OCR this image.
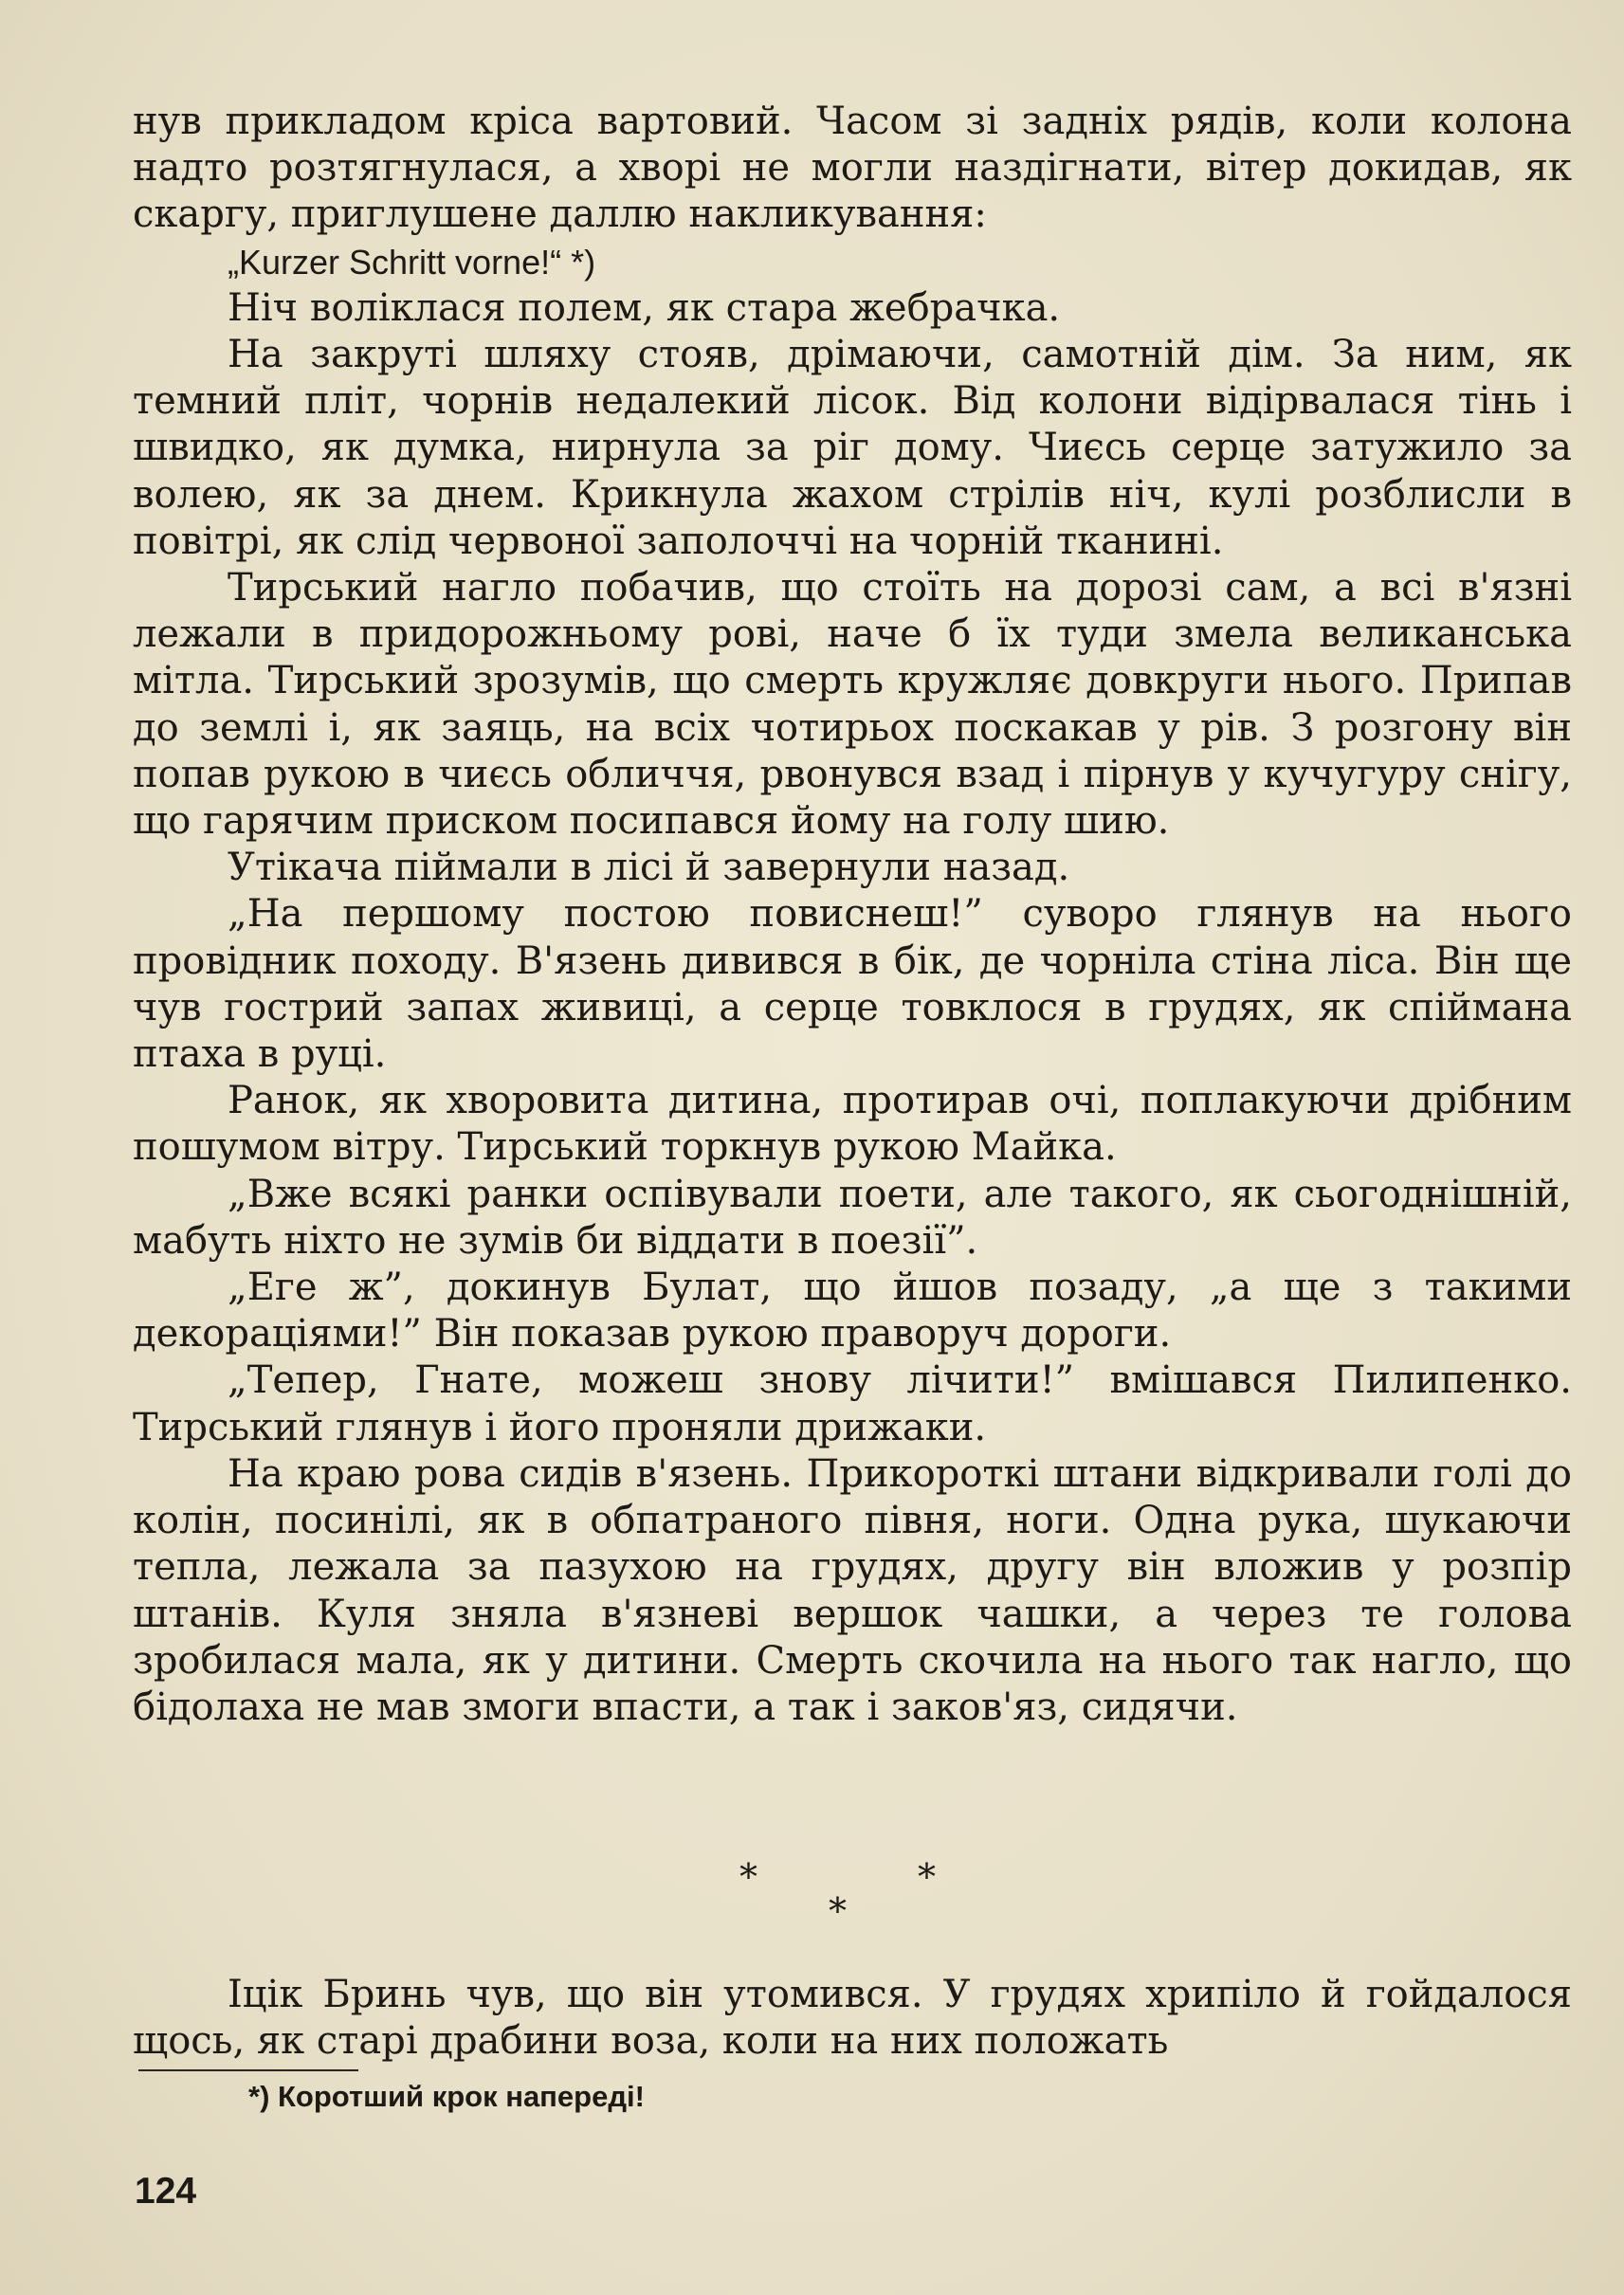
нув прикладом кріса вартовий. Часом зі задніх рядів, коли колона надто розтягнулася, а хворі не могли наздігнати, вітер докидав, як скаргу, приглушене даллю накликування:

„Kurzer Schritt vorne!“ *)

Ніч воліклася полем, як стара жебрачка.

На закруті шляху стояв, дрімаючи, самотній дім. За ним, як темний пліт, чорнів недалекий лісок. Від колони відірвалася тінь і швидко, як думка, нирнула за ріг дому. Чиєсь серце затужило за волею, як за днем. Крикнула жахом стрілів ніч, кулі розблисли в повітрі, як слід червоної заполоччі на чорній тканині.

Тирський нагло побачив, що стоїть на дорозі сам, а всі в'язні лежали в придорожньому рові, наче б їх туди змела великанська мітла. Тирський зрозумів, що смерть кружляє довкруги нього. Припав до землі і, як заяць, на всіх чотирьох поскакав у рів. З розгону він попав рукою в чиєсь обличчя, рвонувся взад і пірнув у кучугуру снігу, що гарячим приском посипався йому на голу шию.

Утікача піймали в лісі й завернули назад.

„На першому постою повиснеш!” суворо глянув на нього провідник походу. В'язень дивився в бік, де чорніла стіна ліса. Він ще чув гострий запах живиці, а серце товклося в грудях, як спіймана птаха в руці.

Ранок, як хворовита дитина, протирав очі, поплакуючи дрібним пошумом вітру. Тирський торкнув рукою Майка.

„Вже всякі ранки оспівували поети, але такого, як сьогоднішній, мабуть ніхто не зумів би віддати в поезії”.

„Еге ж”, докинув Булат, що йшов позаду, „а ще з такими декораціями!” Він показав рукою праворуч дороги.

„Тепер, Гнате, можеш знову лічити!” вмішався Пилипенко. Тирський глянув і його проняли дрижаки.

На краю рова сидів в'язень. Прикороткі штани відкривали голі до колін, посинілі, як в обпатраного півня, ноги. Одна рука, шукаючи тепла, лежала за пазухою на грудях, другу він вложив у розпір штанів. Куля зняла в'язневі вершок чашки, а через те голова зробилася мала, як у дитини. Смерть скочила на нього так нагло, що бідолаха не мав змоги впасти, а так і заков'яз, сидячи.

*	*
*

Іцік Бринь чув, що він утомився. У грудях хрипіло й гойдалося щось, як старі драбини воза, коли на них положать

*) Коротший крок напереді!
124
